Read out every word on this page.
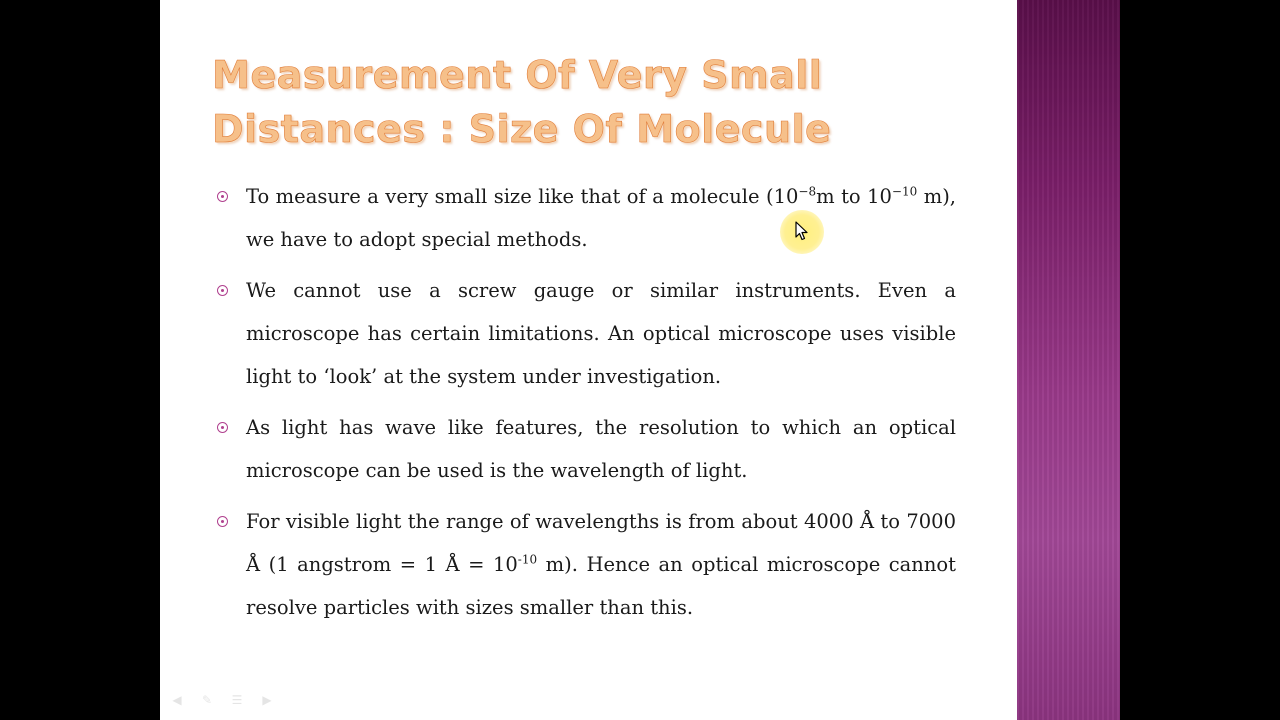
Measurement Of Very Small
Distances : Size Of Molecule
To measure a very small size like that of a molecule ($10^{-8}m$ to $10^{-10}$ m), we have to adopt special methods.
We cannot use a screw gauge or similar instruments. Even a microscope has certain limitations. An optical microscope uses visible light to ‘look’ at the system under investigation.
As light has wave like features, the resolution to which an optical microscope can be used is the wavelength of light.
For visible light the range of wavelengths is from about 4000 Å to 7000 Å (1 angstrom = 1 Å = $10^{-10}$ m). Hence an optical microscope cannot resolve particles with sizes smaller than this.
◀	✎	☰	▶
